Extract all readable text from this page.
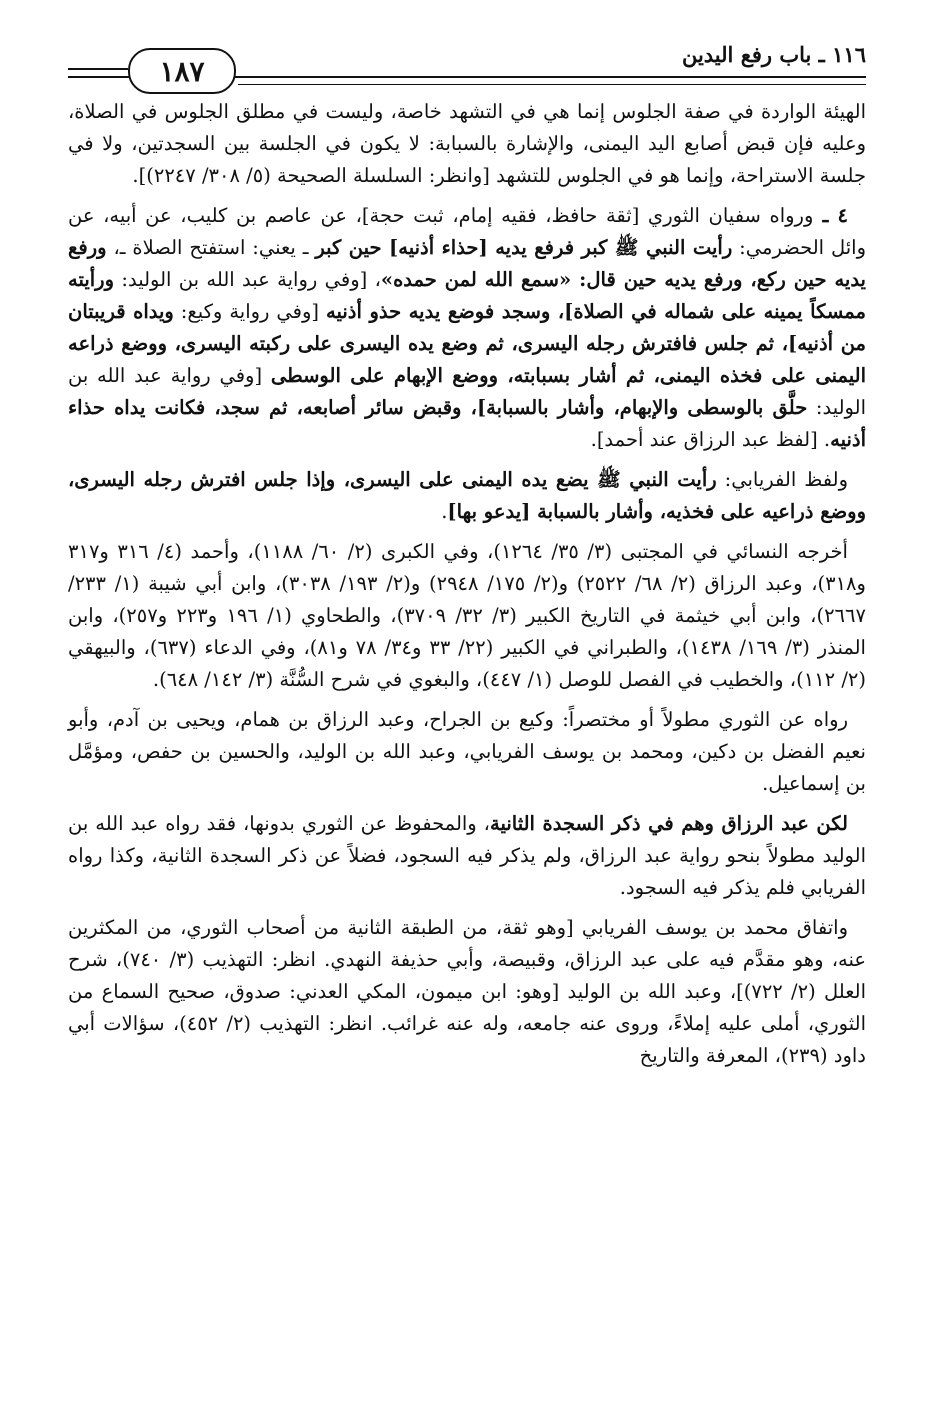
١١٦ ـ باب رفع اليدين
١٨٧

الهيئة الواردة في صفة الجلوس إنما هي في التشهد خاصة، وليست في مطلق الجلوس في الصلاة، وعليه فإن قبض أصابع اليد اليمنى، والإشارة بالسبابة: لا يكون في الجلسة بين السجدتين، ولا في جلسة الاستراحة، وإنما هو في الجلوس للتشهد [وانظر: السلسلة الصحيحة (٥/ ٣٠٨/ ٢٢٤٧)].

٤ ـ ورواه سفيان الثوري [ثقة حافظ، فقيه إمام، ثبت حجة]، عن عاصم بن كليب، عن أبيه، عن وائل الحضرمي: رأيت النبي ﷺ كبر فرفع يديه [حذاء أذنيه] حين كبر ـ يعني: استفتح الصلاة ـ، ورفع يديه حين ركع، ورفع يديه حين قال: «سمع الله لمن حمده»، [وفي رواية عبد الله بن الوليد: ورأيته ممسكاً يمينه على شماله في الصلاة]، وسجد فوضع يديه حذو أذنيه [وفي رواية وكيع: ويداه قريبتان من أذنيه]، ثم جلس فافترش رجله اليسرى، ثم وضع يده اليسرى على ركبته اليسرى، ووضع ذراعه اليمنى على فخذه اليمنى، ثم أشار بسبابته، ووضع الإبهام على الوسطى [وفي رواية عبد الله بن الوليد: حلَّق بالوسطى والإبهام، وأشار بالسبابة]، وقبض سائر أصابعه، ثم سجد، فكانت يداه حذاء أذنيه. [لفظ عبد الرزاق عند أحمد].

ولفظ الفريابي: رأيت النبي ﷺ يضع يده اليمنى على اليسرى، وإذا جلس افترش رجله اليسرى، ووضع ذراعيه على فخذيه، وأشار بالسبابة [يدعو بها].

أخرجه النسائي في المجتبى (٣/ ٣٥/ ١٢٦٤)، وفي الكبرى (٢/ ٦٠/ ١١٨٨)، وأحمد (٤/ ٣١٦ و٣١٧ و٣١٨)، وعبد الرزاق (٢/ ٦٨/ ٢٥٢٢) و(٢/ ١٧٥/ ٢٩٤٨) و(٢/ ١٩٣/ ٣٠٣٨)، وابن أبي شيبة (١/ ٢٣٣/ ٢٦٦٧)، وابن أبي خيثمة في التاريخ الكبير (٣/ ٣٢/ ٣٧٠٩)، والطحاوي (١/ ١٩٦ و٢٢٣ و٢٥٧)، وابن المنذر (٣/ ١٦٩/ ١٤٣٨)، والطبراني في الكبير (٢٢/ ٣٣ و٣٤/ ٧٨ و٨١)، وفي الدعاء (٦٣٧)، والبيهقي (٢/ ١١٢)، والخطيب في الفصل للوصل (١/ ٤٤٧)، والبغوي في شرح السُّنَّة (٣/ ١٤٢/ ٦٤٨).

رواه عن الثوري مطولاً أو مختصراً: وكيع بن الجراح، وعبد الرزاق بن همام، ويحيى بن آدم، وأبو نعيم الفضل بن دكين، ومحمد بن يوسف الفريابي، وعبد الله بن الوليد، والحسين بن حفص، ومؤمَّل بن إسماعيل.

لكن عبد الرزاق وهم في ذكر السجدة الثانية، والمحفوظ عن الثوري بدونها، فقد رواه عبد الله بن الوليد مطولاً بنحو رواية عبد الرزاق، ولم يذكر فيه السجود، فضلاً عن ذكر السجدة الثانية، وكذا رواه الفريابي فلم يذكر فيه السجود.

واتفاق محمد بن يوسف الفريابي [وهو ثقة، من الطبقة الثانية من أصحاب الثوري، من المكثرين عنه، وهو مقدَّم فيه على عبد الرزاق، وقبيصة، وأبي حذيفة النهدي. انظر: التهذيب (٣/ ٧٤٠)، شرح العلل (٢/ ٧٢٢)]، وعبد الله بن الوليد [وهو: ابن ميمون، المكي العدني: صدوق، صحيح السماع من الثوري، أملى عليه إملاءً، وروى عنه جامعه، وله عنه غرائب. انظر: التهذيب (٢/ ٤٥٢)، سؤالات أبي داود (٢٣٩)، المعرفة والتاريخ
